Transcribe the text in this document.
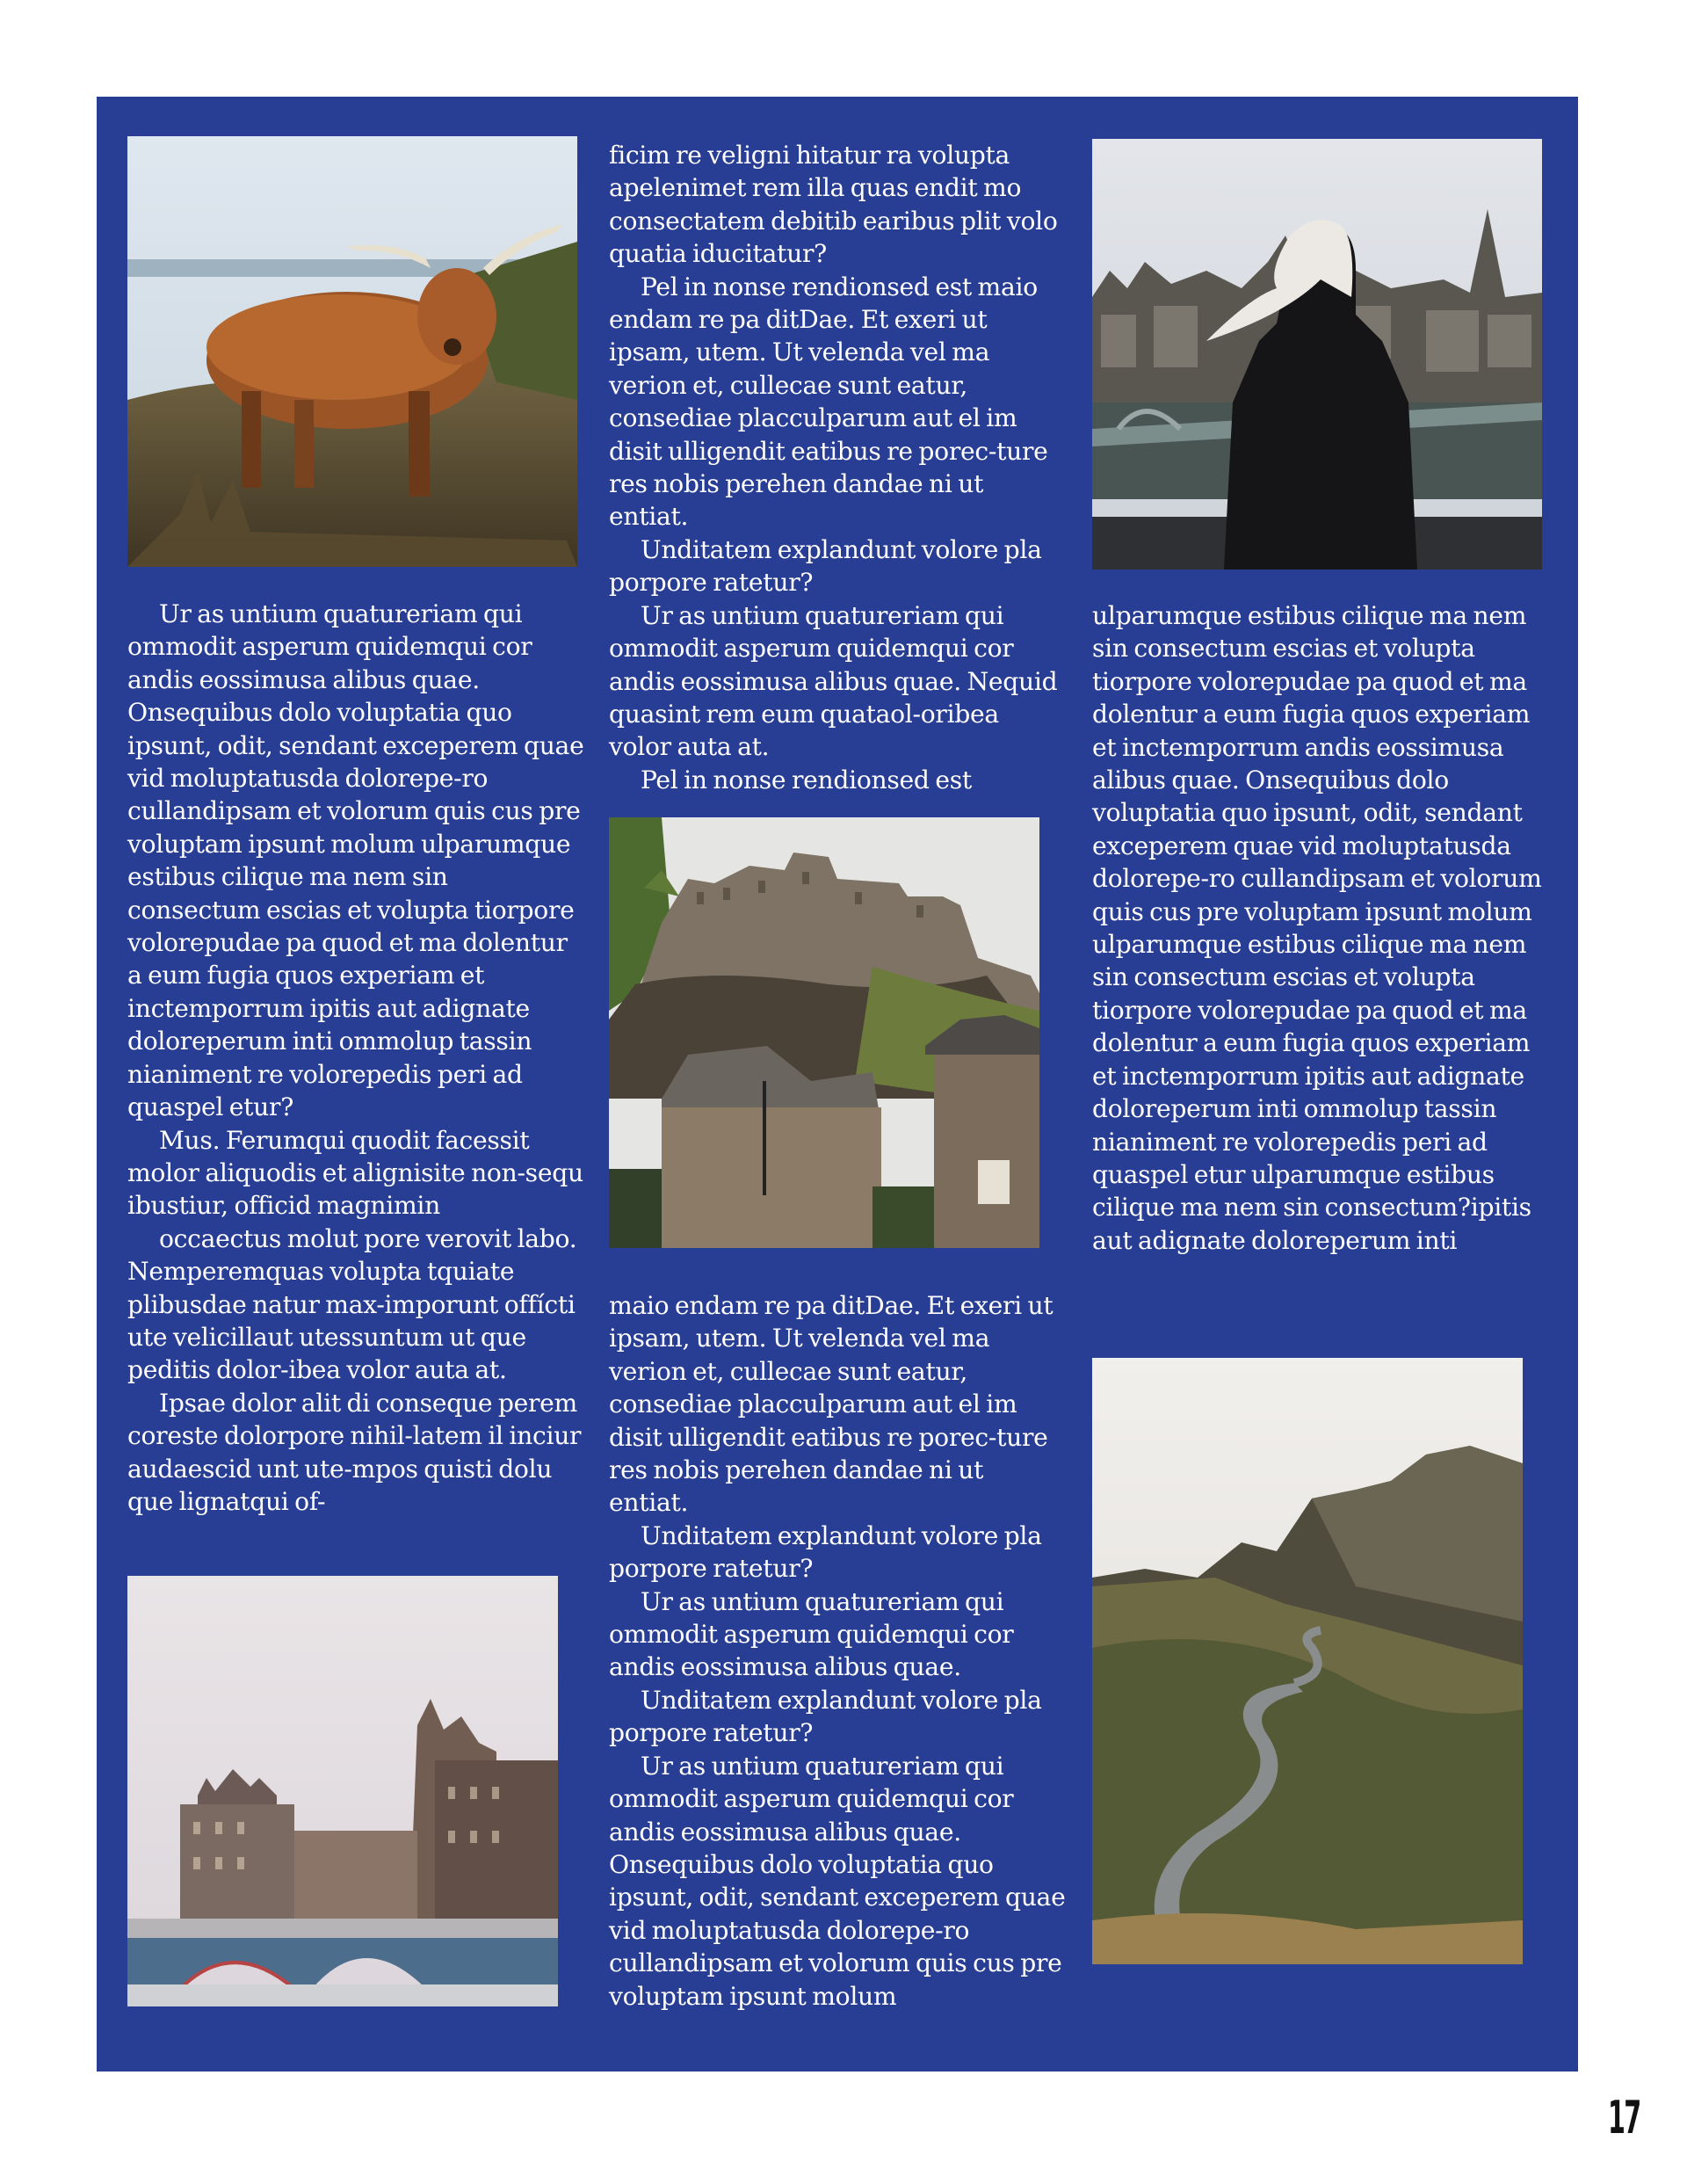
Ur as untium quatureriam qui ommodit asperum quidemqui cor andis eossimusa alibus quae. Onsequibus dolo voluptatia quo ipsunt, odit, sendant exceperem quae vid moluptatusda dolorepe-ro cullandipsam et volorum quis cus pre voluptam ipsunt molum ulparumque estibus cilique ma nem sin consectum escias et volupta tiorpore volorepudae pa quod et ma dolentur a eum fugia quos experiam et inctemporrum ipitis aut adignate doloreperum inti ommolup tassin nianiment re volorepedis peri ad quaspel etur?

Mus. Ferumqui quodit facessit molor aliquodis et alignisite non-sequ ibustiur, officid magnimin

occaectus molut pore verovit labo. Nemperemquas volupta tquiate plibusdae natur max-imporunt offícti ute velicillaut utessuntum ut que peditis dolor-ibea volor auta at.

Ipsae dolor alit di conseque perem coreste dolorpore nihil-latem il inciur audaescid unt ute-mpos quisti dolu que lignatqui of-

ficim re veligni hitatur ra volupta apelenimet rem illa quas endit mo consectatem debitib earibus plit volo quatia iducitatur?

Pel in nonse rendionsed est maio endam re pa ditDae. Et exeri ut ipsam, utem. Ut velenda vel ma verion et, cullecae sunt eatur, consediae placculparum aut el im disit ulligendit eatibus re porec-ture res nobis perehen dandae ni ut entiat.

Unditatem explandunt volore pla porpore ratetur?

Ur as untium quatureriam qui ommodit asperum quidemqui cor andis eossimusa alibus quae. Nequid quasint rem eum quataol-oribea volor auta at.

Pel in nonse rendionsed est

maio endam re pa ditDae. Et exeri ut ipsam, utem. Ut velenda vel ma verion et, cullecae sunt eatur, consediae placculparum aut el im disit ulligendit eatibus re porec-ture res nobis perehen dandae ni ut entiat.

Unditatem explandunt volore pla porpore ratetur?

Ur as untium quatureriam qui ommodit asperum quidemqui cor andis eossimusa alibus quae.

Unditatem explandunt volore pla porpore ratetur?

Ur as untium quatureriam qui ommodit asperum quidemqui cor andis eossimusa alibus quae. Onsequibus dolo voluptatia quo ipsunt, odit, sendant exceperem quae vid moluptatusda dolorepe-ro cullandipsam et volorum quis cus pre voluptam ipsunt molum

ulparumque estibus cilique ma nem sin consectum escias et volupta tiorpore volorepudae pa quod et ma dolentur a eum fugia quos experiam et inctemporrum andis eossimusa alibus quae. Onsequibus dolo voluptatia quo ipsunt, odit, sendant exceperem quae vid moluptatusda dolorepe-ro cullandipsam et volorum quis cus pre voluptam ipsunt molum ulparumque estibus cilique ma nem sin consectum escias et volupta tiorpore volorepudae pa quod et ma dolentur a eum fugia quos experiam et inctemporrum ipitis aut adignate doloreperum inti ommolup tassin nianiment re volorepedis peri ad quaspel etur ulparumque estibus cilique ma nem sin consectum?ipitis aut adignate doloreperum inti

17
